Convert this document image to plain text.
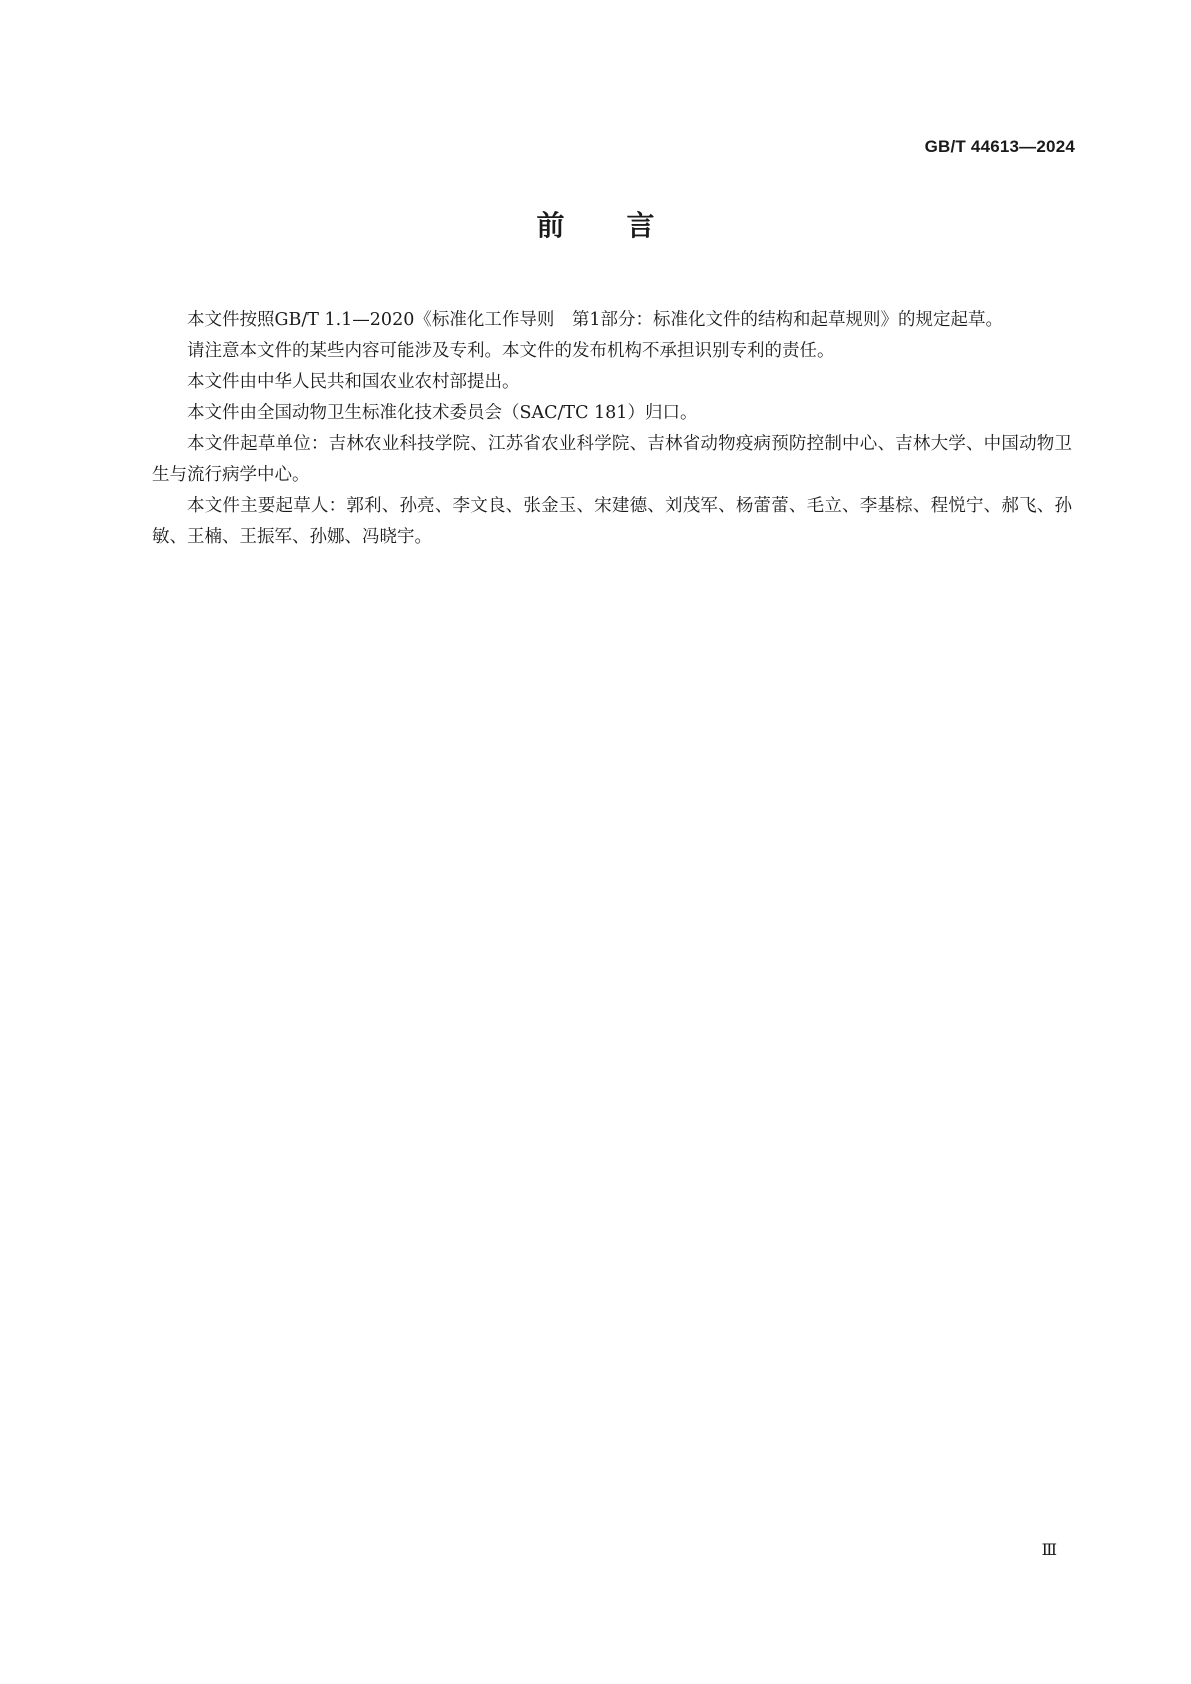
GB/T 44613—2024
前言

本文件按照GB/T 1.1—2020《标准化工作导则　第1部分：标准化文件的结构和起草规则》的规定起草。

请注意本文件的某些内容可能涉及专利。本文件的发布机构不承担识别专利的责任。

本文件由中华人民共和国农业农村部提出。

本文件由全国动物卫生标准化技术委员会（SAC/TC 181）归口。

本文件起草单位：吉林农业科技学院、江苏省农业科学院、吉林省动物疫病预防控制中心、吉林大学、中国动物卫生与流行病学中心。

本文件主要起草人：郭利、孙亮、李文良、张金玉、宋建德、刘茂军、杨蕾蕾、毛立、李基棕、程悦宁、郝飞、孙敏、王楠、王振军、孙娜、冯晓宇。

Ⅲ
